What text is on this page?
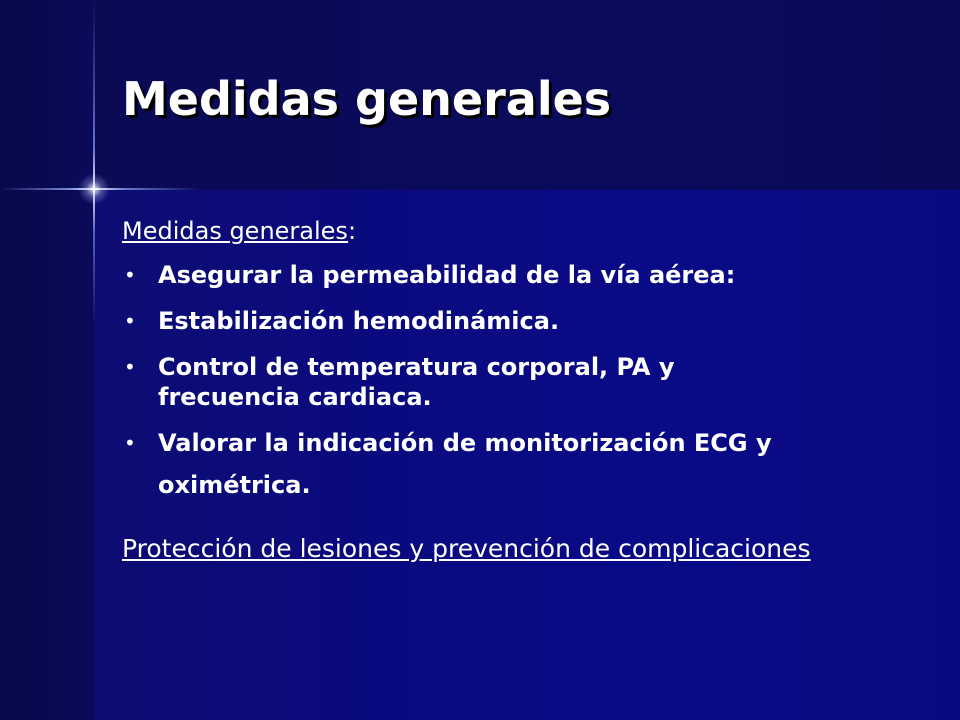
Medidas generales

Medidas generales:

• Asegurar la permeabilidad de la vía aérea:
• Estabilización hemodinámica.
• Control de temperatura corporal, PA y frecuencia cardiaca.
• Valorar la indicación de monitorización ECG y
oximétrica.
Protección de lesiones y prevención de complicaciones
